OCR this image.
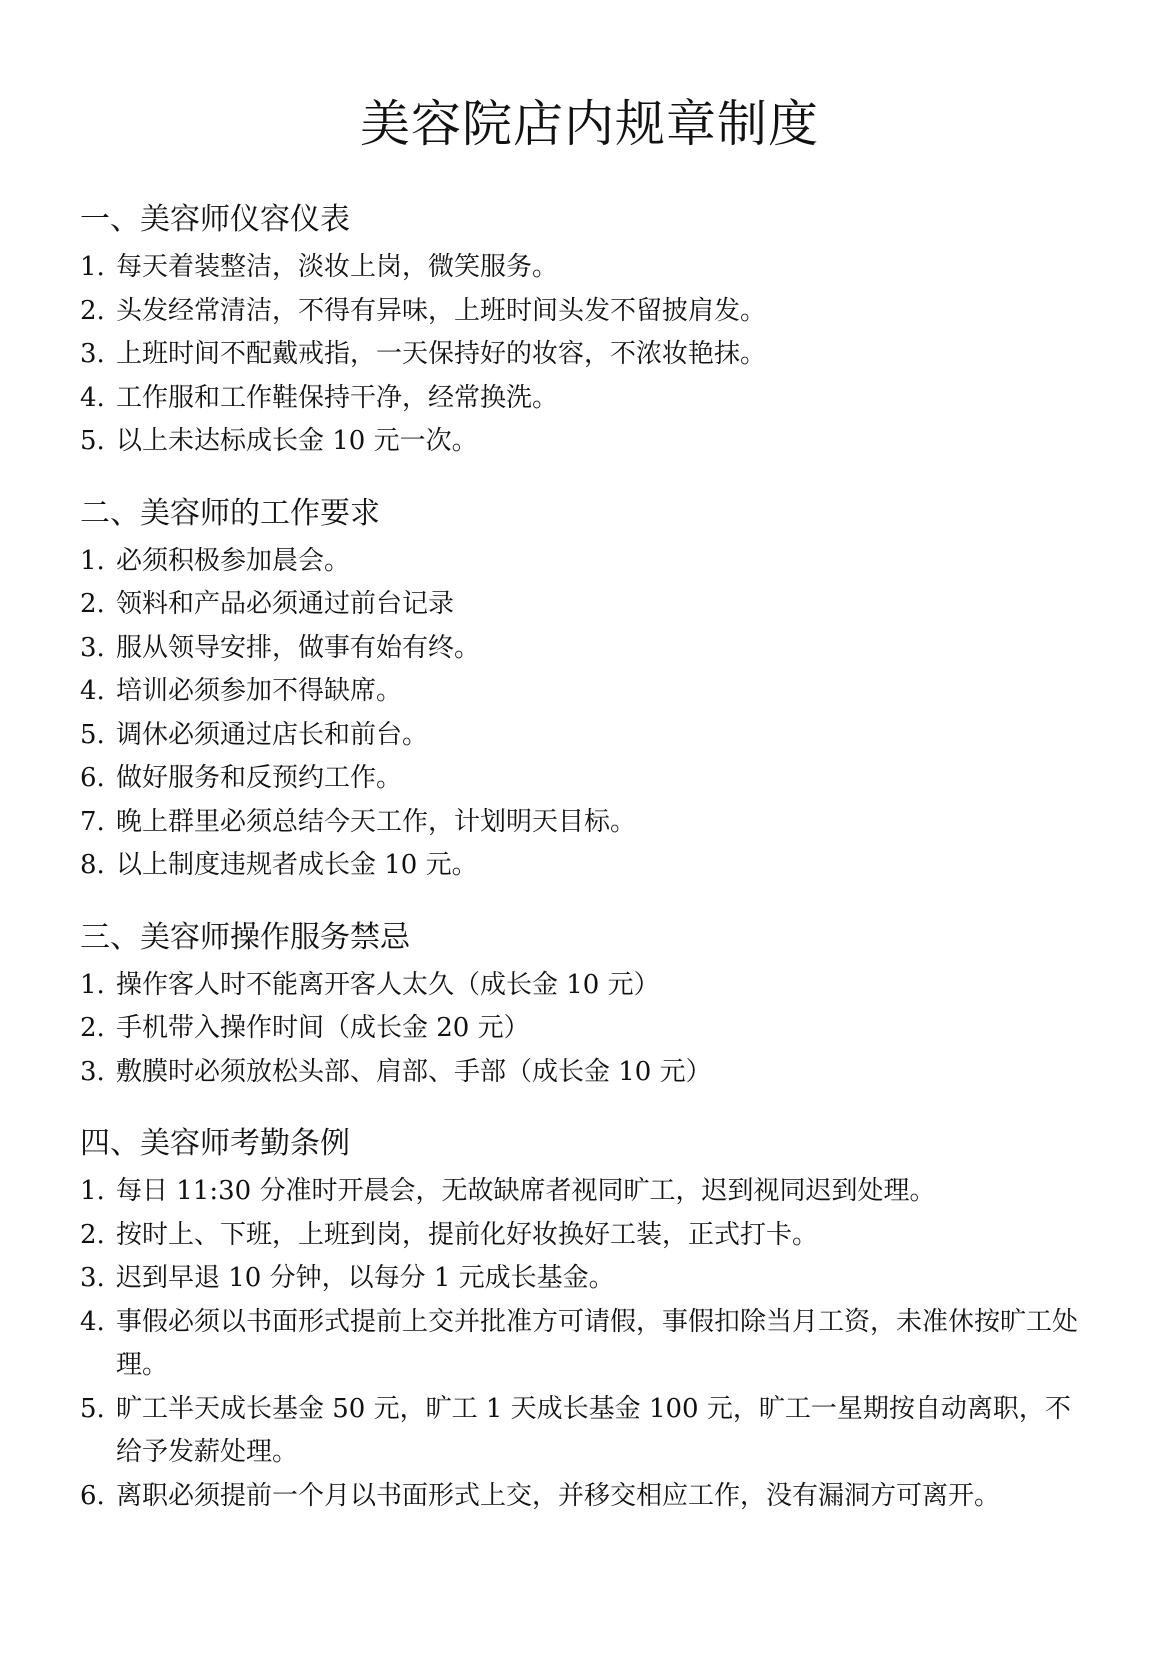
美容院店内规章制度
一、美容师仪容仪表
1. 每天着装整洁，淡妆上岗，微笑服务。
2. 头发经常清洁，不得有异味，上班时间头发不留披肩发。
3. 上班时间不配戴戒指，一天保持好的妆容，不浓妆艳抹。
4. 工作服和工作鞋保持干净，经常换洗。
5. 以上未达标成长金 10 元一次。
二、美容师的工作要求
1. 必须积极参加晨会。
2. 领料和产品必须通过前台记录
3. 服从领导安排，做事有始有终。
4. 培训必须参加不得缺席。
5. 调休必须通过店长和前台。
6. 做好服务和反预约工作。
7. 晚上群里必须总结今天工作，计划明天目标。
8. 以上制度违规者成长金 10 元。
三、美容师操作服务禁忌
1. 操作客人时不能离开客人太久（成长金 10 元）
2. 手机带入操作时间（成长金 20 元）
3. 敷膜时必须放松头部、肩部、手部（成长金 10 元）
四、美容师考勤条例
1. 每日 11:30 分准时开晨会，无故缺席者视同旷工，迟到视同迟到处理。
2. 按时上、下班，上班到岗，提前化好妆换好工装，正式打卡。
3. 迟到早退 10 分钟，以每分 1 元成长基金。
4. 事假必须以书面形式提前上交并批准方可请假，事假扣除当月工资，未准休按旷工处理。
5. 旷工半天成长基金 50 元，旷工 1 天成长基金 100 元，旷工一星期按自动离职，不给予发薪处理。
6. 离职必须提前一个月以书面形式上交，并移交相应工作，没有漏洞方可离开。
